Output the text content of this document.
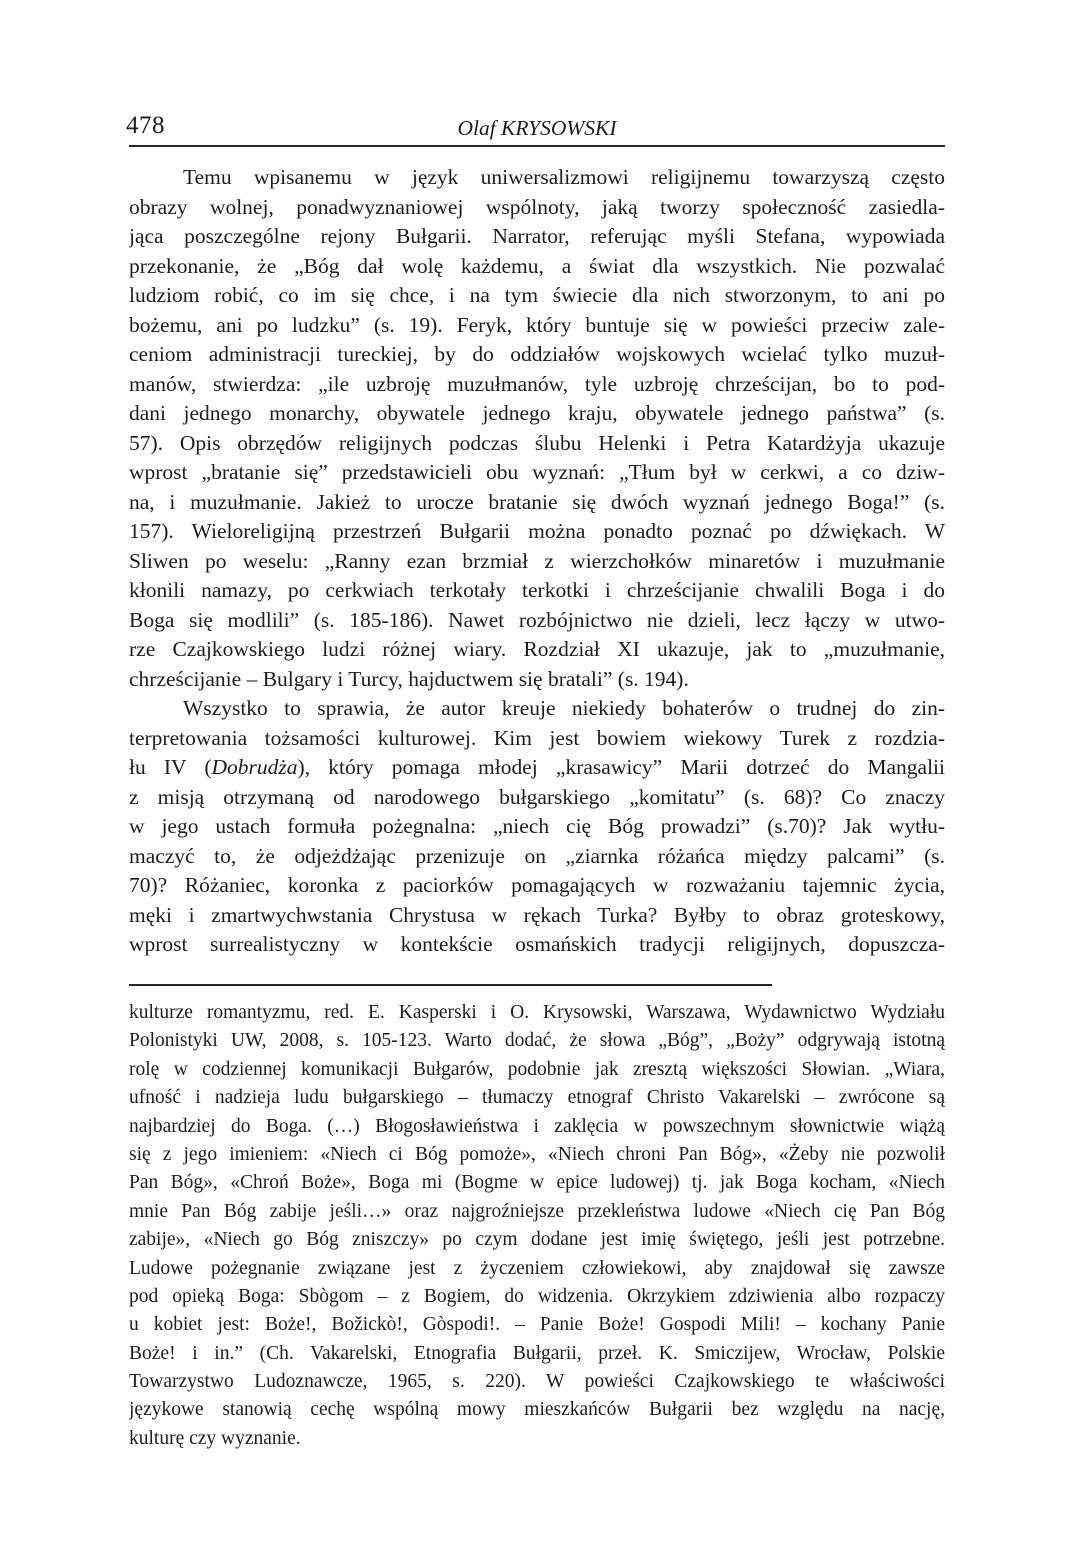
478	Olaf KRYSOWSKI
Temu wpisanemu w język uniwersalizmowi religijnemu towarzyszą często
obrazy wolnej, ponadwyznaniowej wspólnoty, jaką tworzy społeczność zasiedla-
jąca poszczególne rejony Bułgarii. Narrator, referując myśli Stefana, wypowiada
przekonanie, że „Bóg dał wolę każdemu, a świat dla wszystkich. Nie pozwalać
ludziom robić, co im się chce, i na tym świecie dla nich stworzonym, to ani po
bożemu, ani po ludzku” (s. 19). Feryk, który buntuje się w powieści przeciw zale-
ceniom administracji tureckiej, by do oddziałów wojskowych wcielać tylko muzuł-
manów, stwierdza: „ile uzbroję muzułmanów, tyle uzbroję chrześcijan, bo to pod-
dani jednego monarchy, obywatele jednego kraju, obywatele jednego państwa” (s.
57). Opis obrzędów religijnych podczas ślubu Helenki i Petra Katardżyja ukazuje
wprost „bratanie się” przedstawicieli obu wyznań: „Tłum był w cerkwi, a co dziw-
na, i muzułmanie. Jakież to urocze bratanie się dwóch wyznań jednego Boga!” (s.
157). Wieloreligijną przestrzeń Bułgarii można ponadto poznać po dźwiękach. W
Sliwen po weselu: „Ranny ezan brzmiał z wierzchołków minaretów i muzułmanie
kłonili namazy, po cerkwiach terkotały terkotki i chrześcijanie chwalili Boga i do
Boga się modlili” (s. 185-186). Nawet rozbójnictwo nie dzieli, lecz łączy w utwo-
rze Czajkowskiego ludzi różnej wiary. Rozdział XI ukazuje, jak to „muzułmanie,
chrześcijanie – Bulgary i Turcy, hajductwem się bratali” (s. 194).
Wszystko to sprawia, że autor kreuje niekiedy bohaterów o trudnej do zin-
terpretowania tożsamości kulturowej. Kim jest bowiem wiekowy Turek z rozdzia-
łu IV (Dobrudża), który pomaga młodej „krasawicy” Marii dotrzeć do Mangalii
z misją otrzymaną od narodowego bułgarskiego „komitatu” (s. 68)? Co znaczy
w jego ustach formuła pożegnalna: „niech cię Bóg prowadzi” (s.70)? Jak wytłu-
maczyć to, że odjeżdżając przenizuje on „ziarnka różańca między palcami” (s.
70)? Różaniec, koronka z paciorków pomagających w rozważaniu tajemnic życia,
męki i zmartwychwstania Chrystusa w rękach Turka? Byłby to obraz groteskowy,
wprost surrealistyczny w kontekście osmańskich tradycji religijnych, dopuszcza-
kulturze romantyzmu, red. E. Kasperski i O. Krysowski, Warszawa, Wydawnictwo Wydziału
Polonistyki UW, 2008, s. 105-123. Warto dodać, że słowa „Bóg”, „Boży” odgrywają istotną
rolę w codziennej komunikacji Bułgarów, podobnie jak zresztą większości Słowian. „Wiara,
ufność i nadzieja ludu bułgarskiego – tłumaczy etnograf Christo Vakarelski – zwrócone są
najbardziej do Boga. (…) Błogosławieństwa i zaklęcia w powszechnym słownictwie wiążą
się z jego imieniem: «Niech ci Bóg pomoże», «Niech chroni Pan Bóg», «Żeby nie pozwolił
Pan Bóg», «Chroń Boże», Boga mi (Bogme w epice ludowej) tj. jak Boga kocham, «Niech
mnie Pan Bóg zabije jeśli…» oraz najgroźniejsze przekleństwa ludowe «Niech cię Pan Bóg
zabije», «Niech go Bóg zniszczy» po czym dodane jest imię świętego, jeśli jest potrzebne.
Ludowe pożegnanie związane jest z życzeniem człowiekowi, aby znajdował się zawsze
pod opieką Boga: Sbògom – z Bogiem, do widzenia. Okrzykiem zdziwienia albo rozpaczy
u kobiet jest: Boże!, Božickò!, Gòspodi!. – Panie Boże! Gospodi Mili! – kochany Panie
Boże! i in.” (Ch. Vakarelski, Etnografia Bułgarii, przeł. K. Smiczijew, Wrocław, Polskie
Towarzystwo Ludoznawcze, 1965, s. 220). W powieści Czajkowskiego te właściwości
językowe stanowią cechę wspólną mowy mieszkańców Bułgarii bez względu na nację,
kulturę czy wyznanie.
